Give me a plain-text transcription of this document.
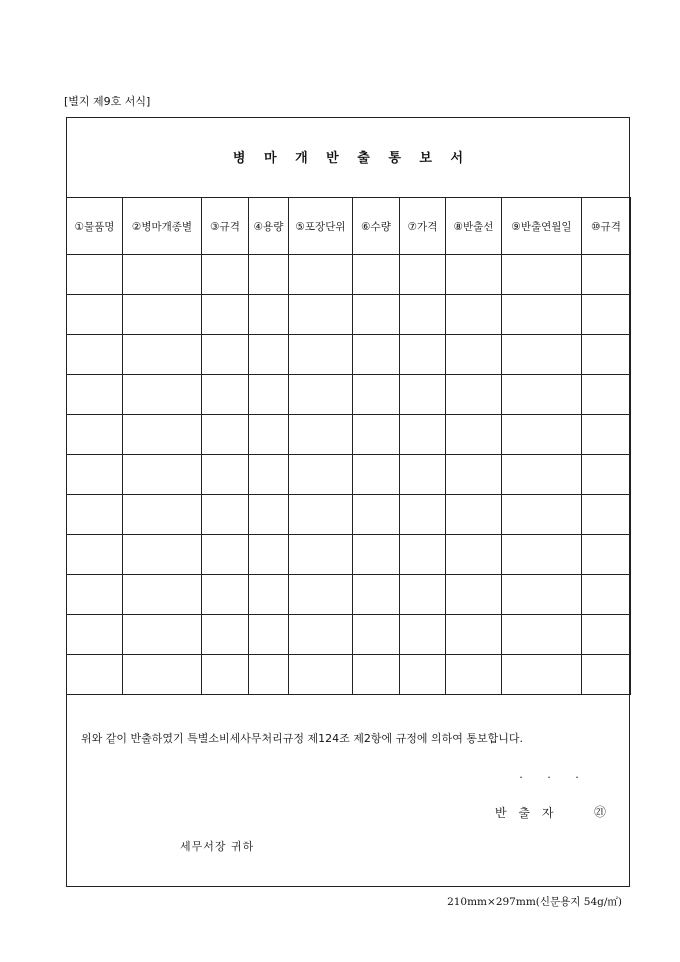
[별지 제9호 서식]
병 마 개 반 출 통 보 서
①물품명	②병마개종별	③규격	④용량	⑤포장단위	⑥수량	⑦가격	⑧반출선	⑨반출연월일	⑩규격

위와 같이 반출하였기 특별소비세사무처리규정 제124조 제2항에 규정에 의하여 통보합니다.
. . .
반 출 자	㉑
세무서장 귀하
210mm×297mm(신문용지 54g/㎡)
